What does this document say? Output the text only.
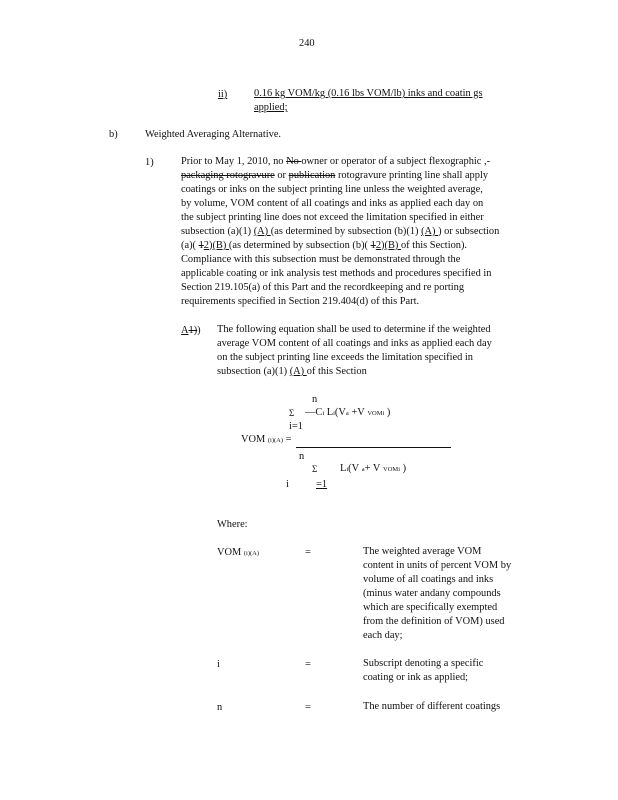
240
ii)	0.16 kg VOM/kg (0.16 lbs VOM/lb) inks and coatin gs
applied;
b)	Weighted Averaging Alternative.
1)	Prior to May 1, 2010, no No owner or operator of a subject flexographic ,-
packaging rotogravure or publication rotogravure printing line shall apply
coatings or inks on the subject printing line unless the weighted average,
by volume, VOM content of all coatings and inks as applied each day on
the subject printing line does not exceed the limitation specified in either
subsection (a)(1) (A) (as determined by subsection (b)(1) (A) ) or subsection
(a)( 12)(B) (as determined by subsection (b)( 12)(B) of this Section).
Compliance with this subsection must be demonstrated through the
applicable coating or ink analysis test methods and procedures specified in
Section 219.105(a) of this Part and the recordkeeping and re porting
requirements specified in Section 219.404(d) of this Part.
A1)) The following equation shall be used to determine if the weighted
average VOM content of all coatings and inks as applied each day
on the subject printing line exceeds the limitation specified in
subsection (a)(1) (A) of this Section
n
Σ —Ci Li(Va +V VOMi )
i=1
VOM (i)(A) =
n
Σ Li(V a+ V VOMi )
i	=1
Where:
VOM (i)(A)	=	The weighted average VOM
content in units of percent VOM by
volume of all coatings and inks
(minus water andany compounds
which are specifically exempted
from the definition of VOM) used
each day;
i	=	Subscript denoting a specific
coating or ink as applied;
n	=	The number of different coatings
